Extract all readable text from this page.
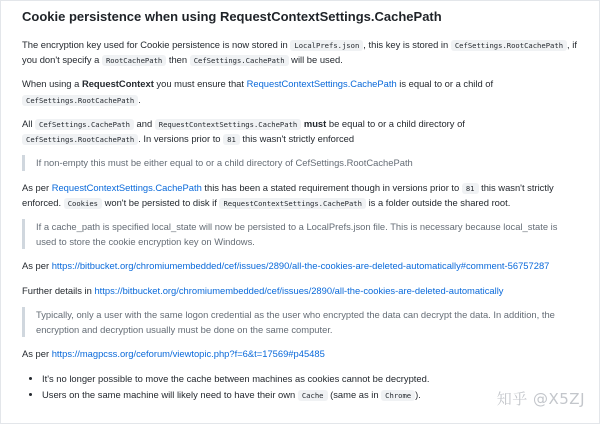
Cookie persistence when using RequestContextSettings.CachePath

The encryption key used for Cookie persistence is now stored in LocalPrefs.json , this key is stored in CefSettings.RootCachePath , if you don't specify a RootCachePath then CefSettings.CachePath will be used.

When using a RequestContext you must ensure that RequestContextSettings.CachePath is equal to or a child of CefSettings.RootCachePath .

All CefSettings.CachePath and RequestContextSettings.CachePath must be equal to or a child directory of CefSettings.RootCachePath . In versions prior to 81 this wasn't strictly enforced

If non-empty this must be either equal to or a child directory of CefSettings.RootCachePath

As per RequestContextSettings.CachePath this has been a stated requirement though in versions prior to 81 this wasn't strictly enforced. Cookies won't be persisted to disk if RequestContextSettings.CachePath is a folder outside the shared root.

If a cache_path is specified local_state will now be persisted to a LocalPrefs.json file. This is necessary because local_state is used to store the cookie encryption key on Windows.

As per https://bitbucket.org/chromiumembedded/cef/issues/2890/all-the-cookies-are-deleted-automatically#comment-56757287

Further details in https://bitbucket.org/chromiumembedded/cef/issues/2890/all-the-cookies-are-deleted-automatically

Typically, only a user with the same logon credential as the user who encrypted the data can decrypt the data. In addition, the encryption and decryption usually must be done on the same computer.

As per https://magpcss.org/ceforum/viewtopic.php?f=6&t=17569#p45485

• It's no longer possible to move the cache between machines as cookies cannot be decrypted.
• Users on the same machine will likely need to have their own Cache (same as in Chrome ).	知乎 @X5ZJ
